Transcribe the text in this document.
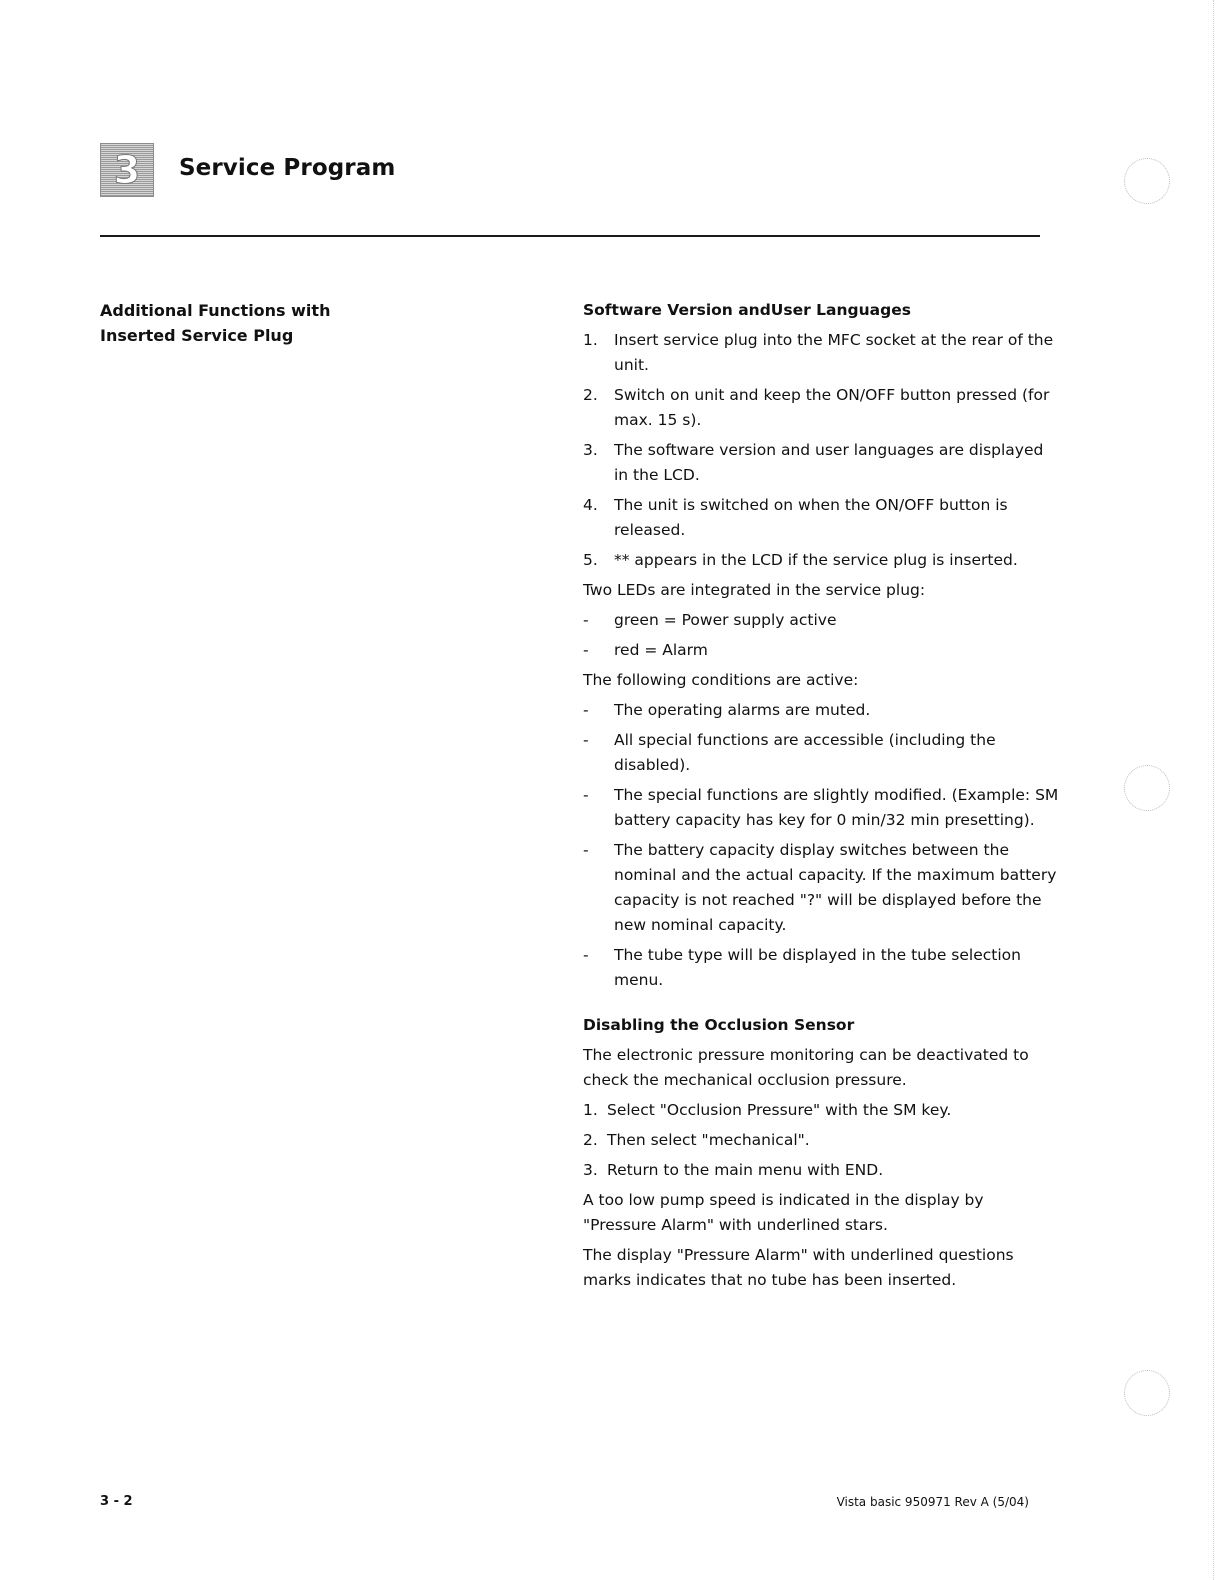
3 Service Program
Additional Functions with
Inserted Service Plug
Software Version andUser Languages
1.	Insert service plug into the MFC socket at the rear of the unit.
2.	Switch on unit and keep the ON/OFF button pressed (for max. 15 s).
3.	The software version and user languages are displayed in the LCD.
4.	The unit is switched on when the ON/OFF button is released.
5.	** appears in the LCD if the service plug is inserted.

Two LEDs are integrated in the service plug:

-	green = Power supply active
-	red = Alarm

The following conditions are active:

-	The operating alarms are muted.
-	All special functions are accessible (including the disabled).
-	The special functions are slightly modified. (Example: SM battery capacity has key for 0 min/32 min presetting).
-	The battery capacity display switches between the nominal and the actual capacity. If the maximum battery capacity is not reached "?" will be displayed before the new nominal capacity.
-	The tube type will be displayed in the tube selection menu.
Disabling the Occlusion Sensor

The electronic pressure monitoring can be deactivated to check the mechanical occlusion pressure.

1. Select "Occlusion Pressure" with the SM key.
2. Then select "mechanical".
3. Return to the main menu with END.

A too low pump speed is indicated in the display by "Pressure Alarm" with underlined stars.

The display "Pressure Alarm" with underlined questions marks indicates that no tube has been inserted.

3 - 2	Vista basic 950971 Rev A (5/04)
